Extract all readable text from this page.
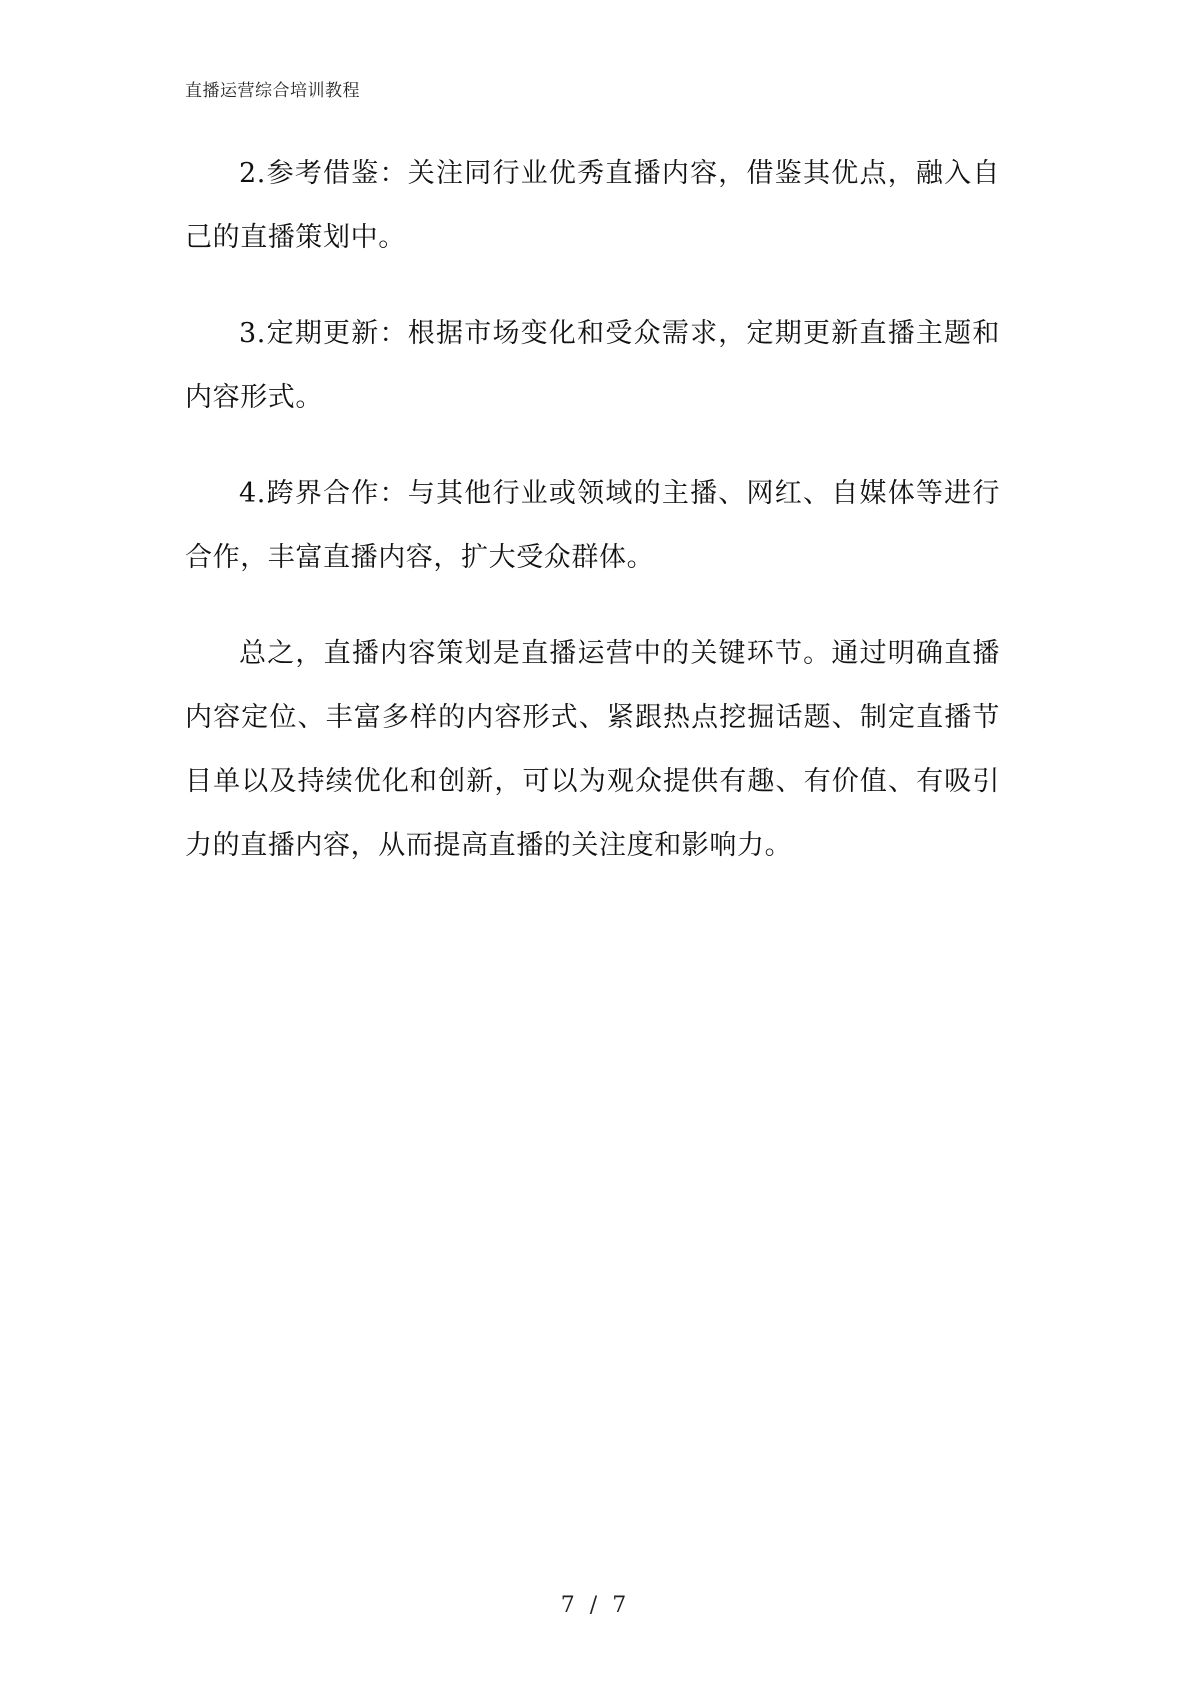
直播运营综合培训教程

2.参考借鉴：关注同行业优秀直播内容，借鉴其优点，融入自己的直播策划中。

3.定期更新：根据市场变化和受众需求，定期更新直播主题和内容形式。

4.跨界合作：与其他行业或领域的主播、网红、自媒体等进行合作，丰富直播内容，扩大受众群体。

总之，直播内容策划是直播运营中的关键环节。通过明确直播内容定位、丰富多样的内容形式、紧跟热点挖掘话题、制定直播节目单以及持续优化和创新，可以为观众提供有趣、有价值、有吸引力的直播内容，从而提高直播的关注度和影响力。

7 / 7
